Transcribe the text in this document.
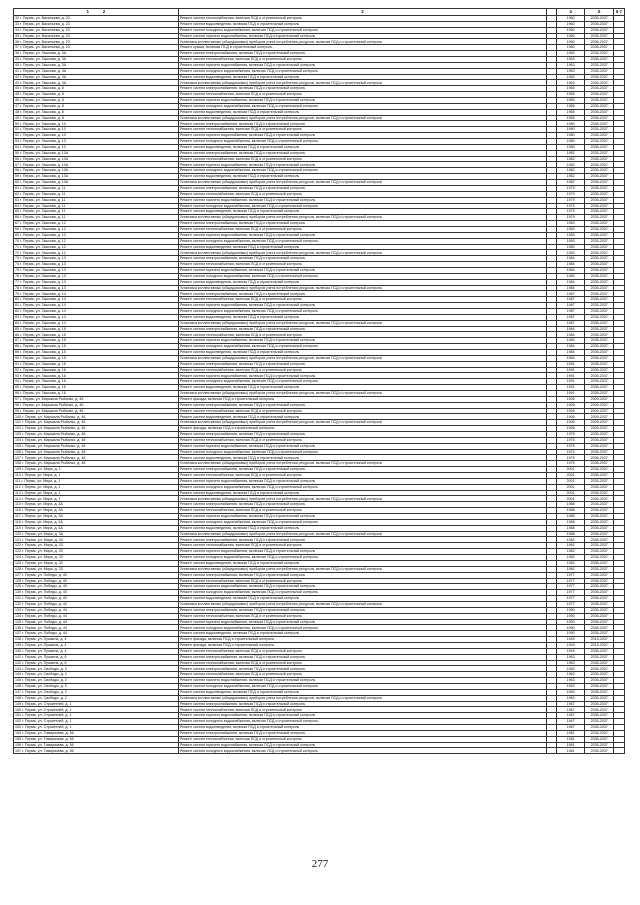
1 2	3		4	5	6 7
32 г. Пермь, ул. Васильева, д. 23	Ремонт систем теплоснабжения, включая ПСД и строительный контроль		1960	2035-2037	
33 г. Пермь, ул. Васильева, д. 23	Ремонт систем водоотведения, включая ПСД и строительный контроль		1960	2035-2037	
34 г. Пермь, ул. Васильева, д. 23	Ремонт систем холодного водоснабжения, включая ПСД и строительный контроль		1960	2035-2037	
35 г. Пермь, ул. Васильева, д. 23	Ремонт систем горячего водоснабжения, включая ПСД и строительный контроль		1960	2035-2037	
36 г. Пермь, ул. Васильева, д. 23	Установка коллективных (общедомовых) приборов учета потребления ресурсов, включая ПСД и строительный контроль		1960	2035-2037	
37 г. Пермь, ул. Васильева, д. 23	Ремонт крыши, включая ПСД и строительный контроль		1960	2035-2037	
38 г. Пермь, ул. Гашкова, д. 3А	Ремонт систем электроснабжения, включая ПСД и строительный контроль		1963	2035-2037	
39 г. Пермь, ул. Гашкова, д. 3А	Ремонт систем теплоснабжения, включая ПСД и строительный контроль		1963	2035-2037	
40 г. Пермь, ул. Гашкова, д. 3А	Ремонт систем горячего водоснабжения, включая ПСД и строительный контроль		1963	2035-2037	
41 г. Пермь, ул. Гашкова, д. 3А	Ремонт систем холодного водоснабжения, включая ПСД и строительный контроль		1963	2035-2037	
42 г. Пермь, ул. Гашкова, д. 3А	Ремонт систем водоотведения, включая ПСД и строительный контроль		1963	2035-2037	
43 г. Пермь, ул. Гашкова, д. 3А	Установка коллективных (общедомовых) приборов учета потребления ресурсов, включая ПСД и строительный контроль		1963	2035-2037	
44 г. Пермь, ул. Гашкова, д. 8	Ремонт систем электроснабжения, включая ПСД и строительный контроль		1965	2035-2037	
45 г. Пермь, ул. Гашкова, д. 8	Ремонт систем теплоснабжения, включая ПСД и строительный контроль		1965	2035-2037	
46 г. Пермь, ул. Гашкова, д. 8	Ремонт систем горячего водоснабжения, включая ПСД и строительный контроль		1965	2035-2037	
47 г. Пермь, ул. Гашкова, д. 8	Ремонт систем холодного водоснабжения, включая ПСД и строительный контроль		1965	2035-2037	
48 г. Пермь, ул. Гашкова, д. 8	Ремонт систем водоотведения, включая ПСД и строительный контроль		1965	2035-2037	
49 г. Пермь, ул. Гашкова, д. 8	Установка коллективных (общедомовых) приборов учета потребления ресурсов, включая ПСД и строительный контроль		1965	2035-2037	
50 г. Пермь, ул. Гашкова, д. 10	Ремонт систем электроснабжения, включая ПСД и строительный контроль		1980	2035-2037	
51 г. Пермь, ул. Гашкова, д. 10	Ремонт систем теплоснабжения, включая ПСД и строительный контроль		1980	2035-2037	
52 г. Пермь, ул. Гашкова, д. 10	Ремонт систем горячего водоснабжения, включая ПСД и строительный контроль		1980	2035-2037	
53 г. Пермь, ул. Гашкова, д. 10	Ремонт систем холодного водоснабжения, включая ПСД и строительный контроль		1980	2035-2037	
54 г. Пермь, ул. Гашкова, д. 10	Ремонт систем водоотведения, включая ПСД и строительный контроль		1980	2035-2037	
55 г. Пермь, ул. Гашкова, д. 10А	Ремонт систем электроснабжения, включая ПСД и строительный контроль		1982	2035-2037	
56 г. Пермь, ул. Гашкова, д. 10А	Ремонт систем теплоснабжения, включая ПСД и строительный контроль		1982	2035-2037	
57 г. Пермь, ул. Гашкова, д. 10А	Ремонт систем горячего водоснабжения, включая ПСД и строительный контроль		1982	2035-2037	
58 г. Пермь, ул. Гашкова, д. 10А	Ремонт систем холодного водоснабжения, включая ПСД и строительный контроль		1982	2035-2037	
59 г. Пермь, ул. Гашкова, д. 10А	Ремонт систем водоотведения, включая ПСД и строительный контроль		1982	2035-2037	
60 г. Пермь, ул. Гашкова, д. 10А	Установка коллективных (общедомовых) приборов учета потребления ресурсов, включая ПСД и строительный контроль		1982	2035-2037	
61 г. Пермь, ул. Гашкова, д. 11	Ремонт систем электроснабжения, включая ПСД и строительный контроль		1979	2035-2037	
62 г. Пермь, ул. Гашкова, д. 11	Ремонт систем теплоснабжения, включая ПСД и строительный контроль		1979	2035-2037	
63 г. Пермь, ул. Гашкова, д. 11	Ремонт систем горячего водоснабжения, включая ПСД и строительный контроль		1979	2035-2037	
64 г. Пермь, ул. Гашкова, д. 11	Ремонт систем холодного водоснабжения, включая ПСД и строительный контроль		1979	2035-2037	
65 г. Пермь, ул. Гашкова, д. 11	Ремонт систем водоотведения, включая ПСД и строительный контроль		1979	2035-2037	
66 г. Пермь, ул. Гашкова, д. 11	Установка коллективных (общедомовых) приборов учета потребления ресурсов, включая ПСД и строительный контроль		1979	2035-2037	
67 г. Пермь, ул. Гашкова, д. 12	Ремонт систем электроснабжения, включая ПСД и строительный контроль		1983	2035-2037	
68 г. Пермь, ул. Гашкова, д. 12	Ремонт систем теплоснабжения, включая ПСД и строительный контроль		1983	2035-2037	
69 г. Пермь, ул. Гашкова, д. 12	Ремонт систем горячего водоснабжения, включая ПСД и строительный контроль		1983	2035-2037	
70 г. Пермь, ул. Гашкова, д. 12	Ремонт систем холодного водоснабжения, включая ПСД и строительный контроль		1983	2035-2037	
71 г. Пермь, ул. Гашкова, д. 12	Ремонт систем водоотведения, включая ПСД и строительный контроль		1983	2035-2037	
72 г. Пермь, ул. Гашкова, д. 12	Установка коллективных (общедомовых) приборов учета потребления ресурсов, включая ПСД и строительный контроль		1983	2035-2037	
73 г. Пермь, ул. Гашкова, д. 13	Ремонт систем электроснабжения, включая ПСД и строительный контроль		1984	2035-2037	
74 г. Пермь, ул. Гашкова, д. 13	Ремонт систем теплоснабжения, включая ПСД и строительный контроль		1984	2035-2037	
75 г. Пермь, ул. Гашкова, д. 13	Ремонт систем горячего водоснабжения, включая ПСД и строительный контроль		1984	2035-2037	
76 г. Пермь, ул. Гашкова, д. 13	Ремонт систем холодного водоснабжения, включая ПСД и строительный контроль		1984	2035-2037	
77 г. Пермь, ул. Гашкова, д. 13	Ремонт систем водоотведения, включая ПСД и строительный контроль		1984	2035-2037	
78 г. Пермь, ул. Гашкова, д. 13	Установка коллективных (общедомовых) приборов учета потребления ресурсов, включая ПСД и строительный контроль		1984	2035-2037	
79 г. Пермь, ул. Гашкова, д. 14	Ремонт систем электроснабжения, включая ПСД и строительный контроль		1987	2035-2037	
80 г. Пермь, ул. Гашкова, д. 14	Ремонт систем теплоснабжения, включая ПСД и строительный контроль		1987	2035-2037	
81 г. Пермь, ул. Гашкова, д. 14	Ремонт систем горячего водоснабжения, включая ПСД и строительный контроль		1987	2035-2037	
82 г. Пермь, ул. Гашкова, д. 14	Ремонт систем холодного водоснабжения, включая ПСД и строительный контроль		1987	2035-2037	
83 г. Пермь, ул. Гашкова, д. 14	Ремонт систем водоотведения, включая ПСД и строительный контроль		1987	2035-2037	
84 г. Пермь, ул. Гашкова, д. 14	Установка коллективных (общедомовых) приборов учета потребления ресурсов, включая ПСД и строительный контроль		1987	2035-2037	
85 г. Пермь, ул. Гашкова, д. 15	Ремонт систем электроснабжения, включая ПСД и строительный контроль		1984	2035-2037	
86 г. Пермь, ул. Гашкова, д. 15	Ремонт систем теплоснабжения, включая ПСД и строительный контроль		1984	2035-2037	
87 г. Пермь, ул. Гашкова, д. 15	Ремонт систем горячего водоснабжения, включая ПСД и строительный контроль		1984	2035-2037	
88 г. Пермь, ул. Гашкова, д. 15	Ремонт систем холодного водоснабжения, включая ПСД и строительный контроль		1984	2035-2037	
89 г. Пермь, ул. Гашкова, д. 15	Ремонт систем водоотведения, включая ПСД и строительный контроль		1984	2035-2037	
90 г. Пермь, ул. Гашкова, д. 15	Установка коллективных (общедомовых) приборов учета потребления ресурсов, включая ПСД и строительный контроль		1984	2035-2037	
91 г. Пермь, ул. Гашкова, д. 16	Ремонт систем электроснабжения, включая ПСД и строительный контроль		1991	2035-2037	
92 г. Пермь, ул. Гашкова, д. 16	Ремонт систем теплоснабжения, включая ПСД и строительный контроль		1991	2035-2037	
93 г. Пермь, ул. Гашкова, д. 16	Ремонт систем горячего водоснабжения, включая ПСД и строительный контроль		1991	2035-2037	
94 г. Пермь, ул. Гашкова, д. 16	Ремонт систем холодного водоснабжения, включая ПСД и строительный контроль		1991	2035-2037	
95 г. Пермь, ул. Гашкова, д. 16	Ремонт систем водоотведения, включая ПСД и строительный контроль		1991	2035-2037	
96 г. Пермь, ул. Гашкова, д. 16	Установка коллективных (общедомовых) приборов учета потребления ресурсов, включая ПСД и строительный контроль		1991	2035-2037	
97 г. Пермь, ул. Маршала Рыбалко, д. 46	Ремонт фасада, включая ПСД и строительный контроль		1906	2009-2037	
98 г. Пермь, ул. Маршала Рыбалко, д. 46	Ремонт систем электроснабжения, включая ПСД и строительный контроль		1906	2009-2037	
99 г. Пермь, ул. Маршала Рыбалко, д. 46	Ремонт систем теплоснабжения, включая ПСД и строительный контроль		1906	2009-2037	
100 г. Пермь, ул. Маршала Рыбалко, д. 46	Ремонт систем водоотведения, включая ПСД и строительный контроль		1906	2009-2037	
101 г. Пермь, ул. Маршала Рыбалко, д. 46	Установка коллективных (общедомовых) приборов учета потребления ресурсов, включая ПСД и строительный контроль		1906	2009-2037	
102 г. Пермь, ул. Маршала Рыбалко, д. 46	Ремонт фасада, включая ПСД и строительный контроль		1906	2009-2037	
103 г. Пермь, ул. Маршала Рыбалко, д. 48	Ремонт систем электроснабжения, включая ПСД и строительный контроль		1975	2035-2037	
104 г. Пермь, ул. Маршала Рыбалко, д. 48	Ремонт систем теплоснабжения, включая ПСД и строительный контроль		1975	2035-2037	
105 г. Пермь, ул. Маршала Рыбалко, д. 48	Ремонт систем горячего водоснабжения, включая ПСД и строительный контроль		1975	2035-2037	
106 г. Пермь, ул. Маршала Рыбалко, д. 48	Ремонт систем холодного водоснабжения, включая ПСД и строительный контроль		1975	2035-2037	
107 г. Пермь, ул. Маршала Рыбалко, д. 48	Ремонт систем водоотведения, включая ПСД и строительный контроль		1975	2035-2037	
108 г. Пермь, ул. Маршала Рыбалко, д. 48	Установка коллективных (общедомовых) приборов учета потребления ресурсов, включая ПСД и строительный контроль		1975	2035-2037	
109 г. Пермь, ул. Мира, д. 1	Ремонт систем электроснабжения, включая ПСД и строительный контроль		2001	2035-2037	
110 г. Пермь, ул. Мира, д. 1	Ремонт систем теплоснабжения, включая ПСД и строительный контроль		2001	2035-2037	
111 г. Пермь, ул. Мира, д. 1	Ремонт систем горячего водоснабжения, включая ПСД и строительный контроль		2001	2035-2037	
112 г. Пермь, ул. Мира, д. 1	Ремонт систем холодного водоснабжения, включая ПСД и строительный контроль		2001	2035-2037	
113 г. Пермь, ул. Мира, д. 1	Ремонт систем водоотведения, включая ПСД и строительный контроль		2001	2035-2037	
114 г. Пермь, ул. Мира, д. 1	Установка коллективных (общедомовых) приборов учета потребления ресурсов, включая ПСД и строительный контроль		2001	2035-2037	
115 г. Пермь, ул. Мира, д. 3А	Ремонт систем электроснабжения, включая ПСД и строительный контроль		1988	2035-2037	
116 г. Пермь, ул. Мира, д. 3А	Ремонт систем теплоснабжения, включая ПСД и строительный контроль		1988	2035-2037	
117 г. Пермь, ул. Мира, д. 3А	Ремонт систем горячего водоснабжения, включая ПСД и строительный контроль		1988	2035-2037	
118 г. Пермь, ул. Мира, д. 3А	Ремонт систем холодного водоснабжения, включая ПСД и строительный контроль		1988	2035-2037	
119 г. Пермь, ул. Мира, д. 3А	Ремонт систем водоотведения, включая ПСД и строительный контроль		1988	2035-2037	
120 г. Пермь, ул. Мира, д. 3А	Установка коллективных (общедомовых) приборов учета потребления ресурсов, включая ПСД и строительный контроль		1988	2035-2037	
121 г. Пермь, ул. Мира, д. 33	Ремонт систем электроснабжения, включая ПСД и строительный контроль		1982	2035-2037	
122 г. Пермь, ул. Мира, д. 33	Ремонт систем теплоснабжения, включая ПСД и строительный контроль		1982	2035-2037	
123 г. Пермь, ул. Мира, д. 33	Ремонт систем горячего водоснабжения, включая ПСД и строительный контроль		1982	2035-2037	
124 г. Пермь, ул. Мира, д. 33	Ремонт систем холодного водоснабжения, включая ПСД и строительный контроль		1982	2035-2037	
125 г. Пермь, ул. Мира, д. 33	Ремонт систем водоотведения, включая ПСД и строительный контроль		1982	2035-2037	
126 г. Пермь, ул. Мира, д. 33	Установка коллективных (общедомовых) приборов учета потребления ресурсов, включая ПСД и строительный контроль		1982	2035-2037	
127 г. Пермь, ул. Победы, д. 40	Ремонт систем электроснабжения, включая ПСД и строительный контроль		1977	2035-2037	
128 г. Пермь, ул. Победы, д. 40	Ремонт систем теплоснабжения, включая ПСД и строительный контроль		1977	2035-2037	
129 г. Пермь, ул. Победы, д. 40	Ремонт систем горячего водоснабжения, включая ПСД и строительный контроль		1977	2035-2037	
130 г. Пермь, ул. Победы, д. 40	Ремонт систем холодного водоснабжения, включая ПСД и строительный контроль		1977	2035-2037	
131 г. Пермь, ул. Победы, д. 40	Ремонт систем водоотведения, включая ПСД и строительный контроль		1977	2035-2037	
132 г. Пермь, ул. Победы, д. 40	Установка коллективных (общедомовых) приборов учета потребления ресурсов, включая ПСД и строительный контроль		1977	2035-2037	
133 г. Пермь, ул. Победы, д. 44	Ремонт систем электроснабжения, включая ПСД и строительный контроль		1990	2035-2037	
134 г. Пермь, ул. Победы, д. 44	Ремонт систем теплоснабжения, включая ПСД и строительный контроль		1990	2035-2037	
135 г. Пермь, ул. Победы, д. 44	Ремонт систем горячего водоснабжения, включая ПСД и строительный контроль		1990	2035-2037	
136 г. Пермь, ул. Победы, д. 44	Ремонт систем холодного водоснабжения, включая ПСД и строительный контроль		1990	2035-2037	
137 г. Пермь, ул. Победы, д. 44	Ремонт систем водоотведения, включая ПСД и строительный контроль		1990	2035-2037	
138 г. Пермь, ул. Пушкина, д. 4	Ремонт фасада, включая ПСД и строительный контроль		1949	2015-2037	
139 г. Пермь, ул. Пушкина, д. 4	Ремонт фасада, включая ПСД и строительный контроль		1949	2015-2037	
140 г. Пермь, ул. Пушкина, д. 4	Ремонт систем теплоснабжения, включая ПСД и строительный контроль		1949	2035-2037	
141 г. Пермь, ул. Пушкина, д. 6	Ремонт систем электроснабжения, включая ПСД и строительный контроль		1963	2035-2037	
142 г. Пермь, ул. Пушкина, д. 6	Ремонт систем теплоснабжения, включая ПСД и строительный контроль		1963	2035-2037	
143 г. Пермь, ул. Свободы, д. 2	Ремонт систем электроснабжения, включая ПСД и строительный контроль		1963	2035-2037	
144 г. Пермь, ул. Свободы, д. 2	Ремонт систем теплоснабжения, включая ПСД и строительный контроль		1963	2035-2037	
145 г. Пермь, ул. Свободы, д. 2	Ремонт систем горячего водоснабжения, включая ПСД и строительный контроль		1963	2035-2037	
146 г. Пермь, ул. Свободы, д. 2	Ремонт систем холодного водоснабжения, включая ПСД и строительный контроль		1963	2035-2037	
147 г. Пермь, ул. Свободы, д. 2	Ремонт систем водоотведения, включая ПСД и строительный контроль		1963	2035-2037	
148 г. Пермь, ул. Свободы, д. 2	Установка коллективных (общедомовых) приборов учета потребления ресурсов, включая ПСД и строительный контроль		1963	2035-2037	
149 г. Пермь, ул. Строителей, д. 1	Ремонт систем электроснабжения, включая ПСД и строительный контроль		1967	2035-2037	
150 г. Пермь, ул. Строителей, д. 1	Ремонт систем теплоснабжения, включая ПСД и строительный контроль		1967	2035-2037	
151 г. Пермь, ул. Строителей, д. 1	Ремонт систем горячего водоснабжения, включая ПСД и строительный контроль		1967	2035-2037	
152 г. Пермь, ул. Строителей, д. 1	Ремонт систем холодного водоснабжения, включая ПСД и строительный контроль		1967	2035-2037	
153 г. Пермь, ул. Строителей, д. 1	Ремонт систем водоотведения, включая ПСД и строительный контроль		1967	2035-2037	
154 г. Пермь, ул. Тимирязева, д. 56	Ремонт систем электроснабжения, включая ПСД и строительный контроль		1981	2035-2037	
155 г. Пермь, ул. Тимирязева, д. 56	Ремонт систем теплоснабжения, включая ПСД и строительный контроль		1981	2035-2037	
156 г. Пермь, ул. Тимирязева, д. 56	Ремонт систем горячего водоснабжения, включая ПСД и строительный контроль		1981	2035-2037	
157 г. Пермь, ул. Тимирязева, д. 56	Ремонт систем холодного водоснабжения, включая ПСД и строительный контроль		1981	2035-2037	
277
